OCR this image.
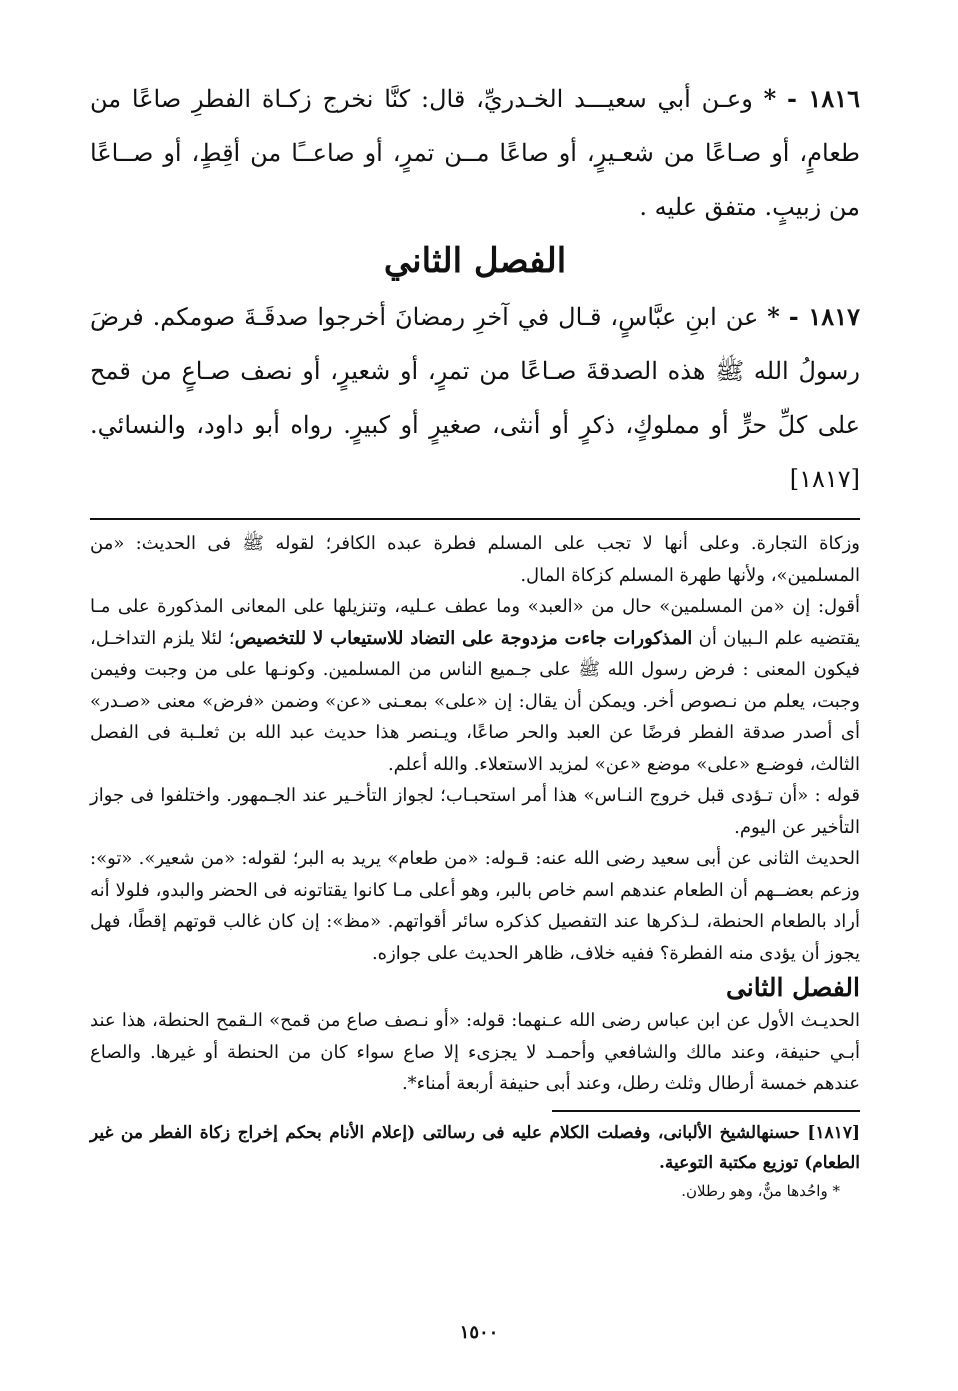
١٨١٦ - * وعـن أبي سعيـــد الخـدريِّ، قال: كنَّا نخرج زكـاة الفطرِ صاعًا من طعامٍ، أو صـاعًا من شعـيرٍ، أو صاعًا مــن تمرٍ، أو صاعــًا من أقِطٍ، أو صــاعًا من زبيبٍ. متفق عليه .

الفصل الثاني

١٨١٧ - * عن ابنِ عبَّاسٍ، قـال في آخرِ رمضانَ أخرجوا صدقَـةَ صومكم. فرضَ رسولُ الله ﷺ هذه الصدقةَ صـاعًا من تمرٍ، أو شعيرٍ، أو نصف صـاعٍ من قمح على كلِّ حرٍّ أو مملوكٍ، ذكرٍ أو أنثى، صغيرٍ أو كبيرٍ. رواه أبو داود، والنسائي. [١٨١٧]

وزكاة التجارة. وعلى أنها لا تجب على المسلم فطرة عبده الكافر؛ لقوله ﷺ فى الحديث: «من المسلمين»، ولأنها طهرة المسلم كزكاة المال.

أقول: إن «من المسلمين» حال من «العبد» وما عطف عـليه، وتنزيلها على المعانى المذكورة على مـا يقتضيه علم الـبيان أن المذكورات جاءت مزدوجة على التضاد للاستيعاب لا للتخصيص؛ لئلا يلزم التداخـل، فيكون المعنى : فرض رسول الله ﷺ على جـميع الناس من المسلمين. وكونـها على من وجبت وفيمن وجبت، يعلم من نـصوص أخر. ويمكن أن يقال: إن «على» بمعـنى «عن» وضمن «فرض» معنى «صـدر» أى أصدر صدقة الفطر فرضًا عن العبد والحر صاعًا، ويـنصر هذا حديث عبد الله بن ثعلـبة فى الفصل الثالث، فوضـع «على» موضع «عن» لمزيد الاستعلاء. والله أعلم.

قوله : «أن تـؤدى قبل خروج النـاس» هذا أمر استحبـاب؛ لجواز التأخـير عند الجـمهور. واختلفوا فى جواز التأخير عن اليوم.

الحديث الثانى عن أبى سعيد رضى الله عنه: قـوله: «من طعام» يريد به البر؛ لقوله: «من شعير». «تو»: وزعم بعضــهم أن الطعام عندهم اسم خاص بالبر، وهو أعلى مـا كانوا يقتاتونه فى الحضر والبدو، فلولا أنه أراد بالطعام الحنطة، لـذكرها عند التفصيل كذكره سائر أقواتهم. «مظ»: إن كان غالب قوتهم إقطًا، فهل يجوز أن يؤدى منه الفطرة؟ ففيه خلاف، ظاهر الحديث على جوازه.

الفصل الثانى

الحديـث الأول عن ابن عباس رضى الله عـنهما: قوله: «أو نـصف صاع من قمح» الـقمح الحنطة، هذا عند أبـي حنيفة، وعند مالك والشافعي وأحمـد لا يجزىء إلا صاع سواء كان من الحنطة أو غيرها. والصاع عندهم خمسة أرطال وثلث رطل، وعند أبى حنيفة أربعة أمناء*.

[١٨١٧] حسنهالشيخ الألبانى، وفصلت الكلام عليه فى رسالتى (إعلام الأنام بحكم إخراج زكاة الفطر من غير الطعام) توزيع مكتبة التوعية.

* واحُدها منٌّ، وهو رطلان.

١٥٠٠
